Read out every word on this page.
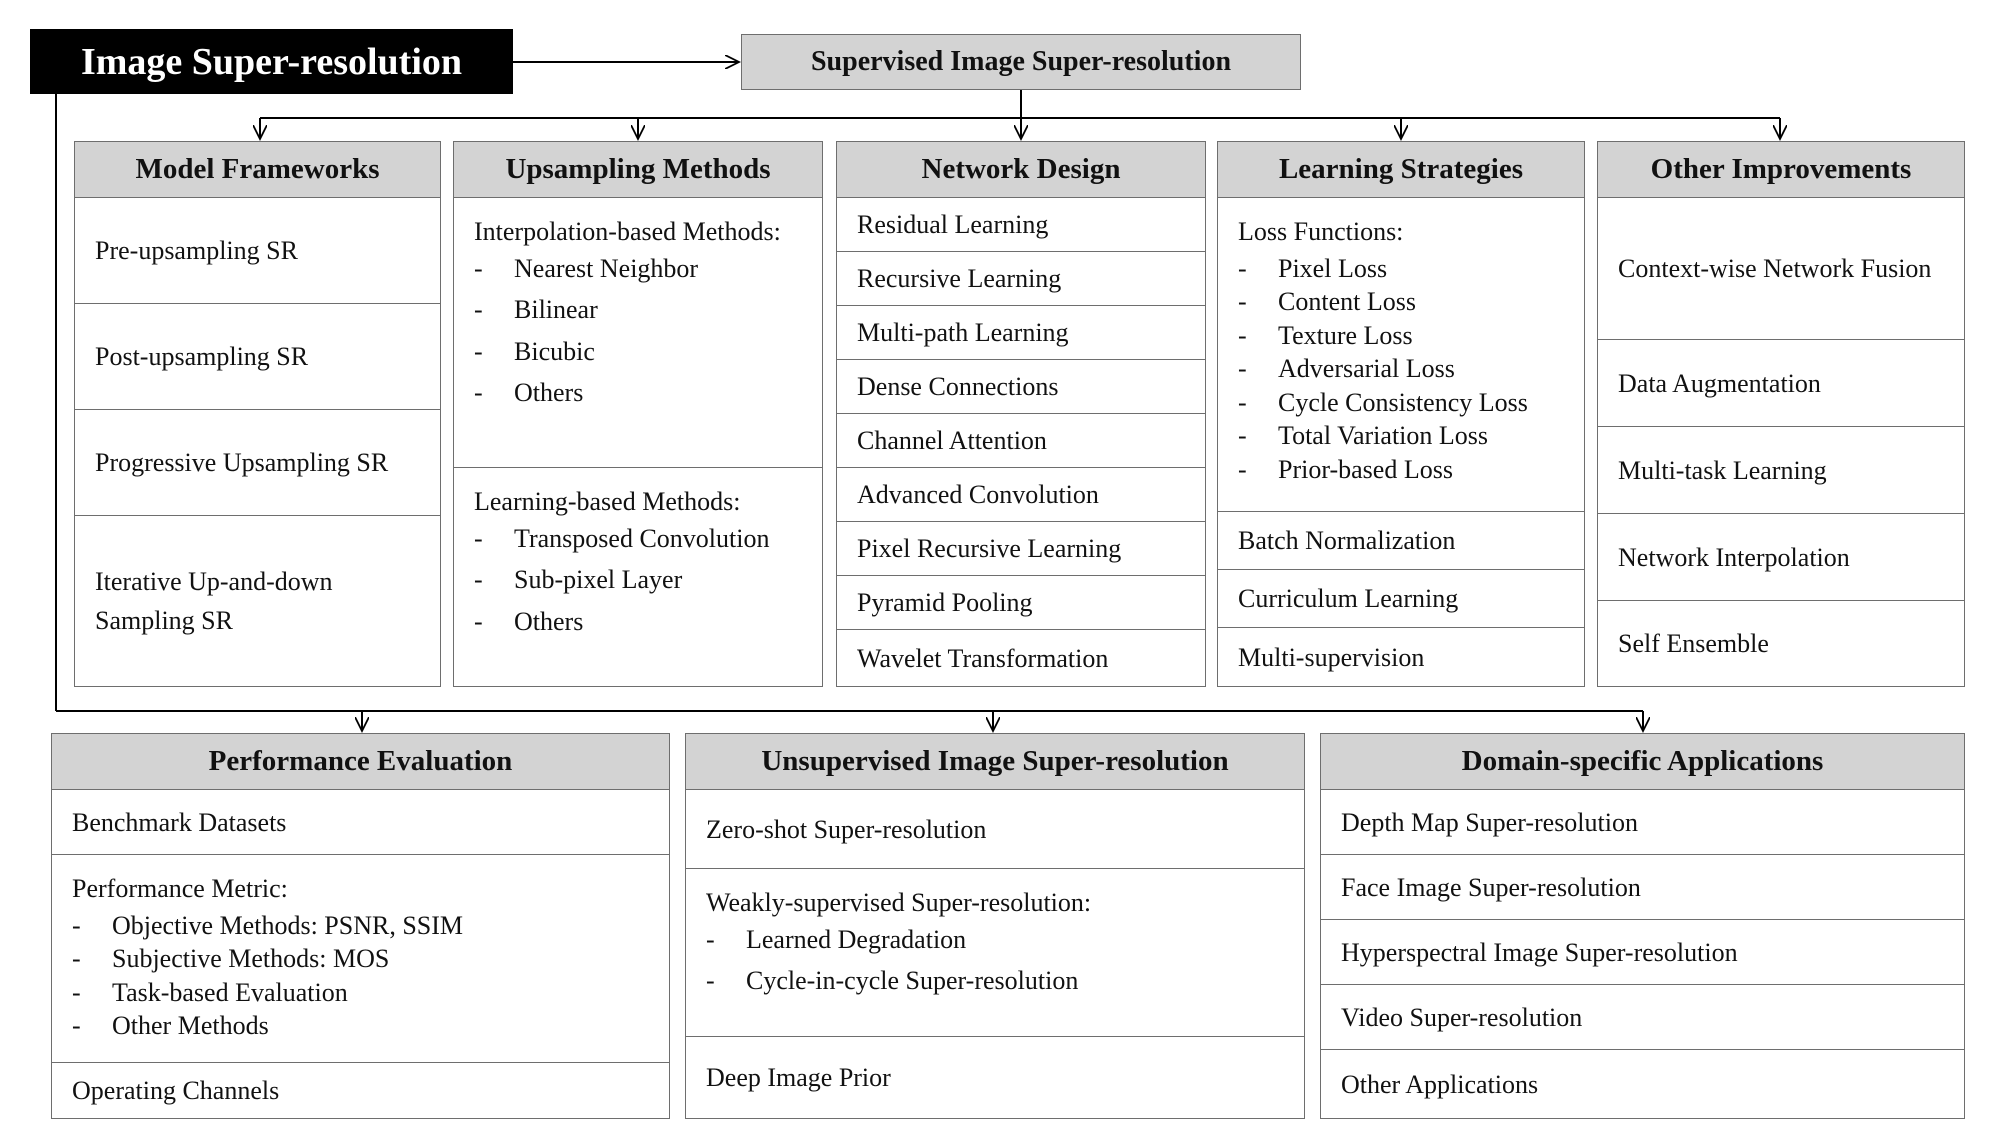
Image Super-resolution	Supervised Image Super-resolution
Model Frameworks
Pre-upsampling SR
Post-upsampling SR
Progressive Upsampling SR
Iterative Up-and-down Sampling SR
Upsampling Methods
Interpolation-based Methods:
-	Nearest Neighbor
-	Bilinear
-	Bicubic
-	Others
Learning-based Methods:
-	Transposed Convolution
-	Sub-pixel Layer
-	Others
Network Design
Residual Learning
Recursive Learning
Multi-path Learning
Dense Connections
Channel Attention
Advanced Convolution
Pixel Recursive Learning
Pyramid Pooling
Wavelet Transformation
Learning Strategies
Loss Functions:
-	Pixel Loss
-	Content Loss
-	Texture Loss
-	Adversarial Loss
-	Cycle Consistency Loss
-	Total Variation Loss
-	Prior-based Loss
Batch Normalization
Curriculum Learning
Multi-supervision
Other Improvements
Context-wise Network Fusion
Data Augmentation
Multi-task Learning
Network Interpolation
Self Ensemble
Performance Evaluation
Benchmark Datasets
Performance Metric:
-	Objective Methods: PSNR, SSIM
-	Subjective Methods: MOS
-	Task-based Evaluation
-	Other Methods
Operating Channels
Unsupervised Image Super-resolution
Zero-shot Super-resolution
Weakly-supervised Super-resolution:
-	Learned Degradation
-	Cycle-in-cycle Super-resolution
Deep Image Prior
Domain-specific Applications
Depth Map Super-resolution
Face Image Super-resolution
Hyperspectral Image Super-resolution
Video Super-resolution
Other Applications
